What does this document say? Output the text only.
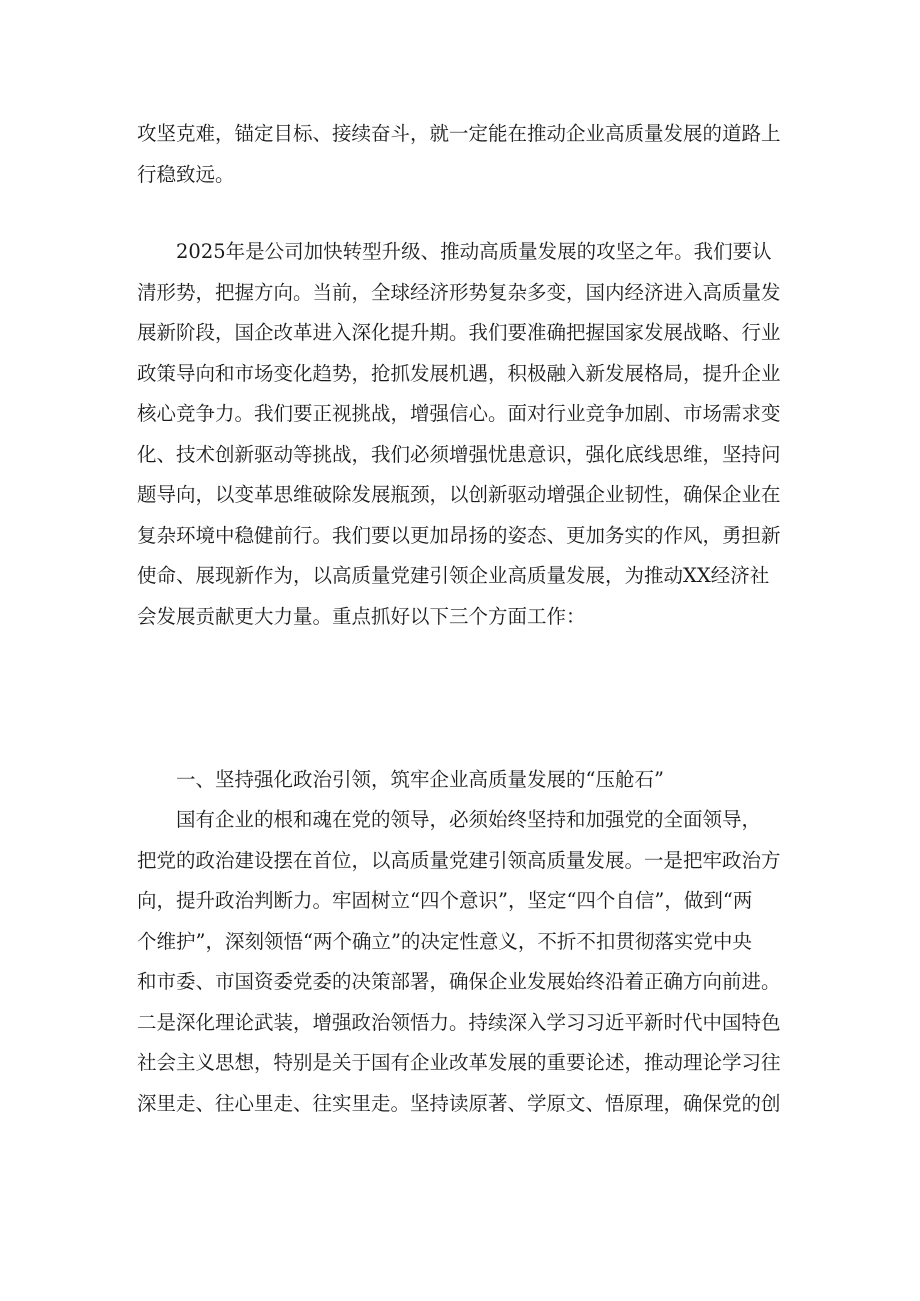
攻坚克难，锚定目标、接续奋斗，就一定能在推动企业高质量发展的道路上
行稳致远。
2025年是公司加快转型升级、推动高质量发展的攻坚之年。我们要认
清形势，把握方向。当前，全球经济形势复杂多变，国内经济进入高质量发
展新阶段，国企改革进入深化提升期。我们要准确把握国家发展战略、行业
政策导向和市场变化趋势，抢抓发展机遇，积极融入新发展格局，提升企业
核心竞争力。我们要正视挑战，增强信心。面对行业竞争加剧、市场需求变
化、技术创新驱动等挑战，我们必须增强忧患意识，强化底线思维，坚持问
题导向，以变革思维破除发展瓶颈，以创新驱动增强企业韧性，确保企业在
复杂环境中稳健前行。我们要以更加昂扬的姿态、更加务实的作风，勇担新
使命、展现新作为，以高质量党建引领企业高质量发展，为推动XX经济社
会发展贡献更大力量。重点抓好以下三个方面工作：
一、坚持强化政治引领，筑牢企业高质量发展的“压舱石”
国有企业的根和魂在党的领导，必须始终坚持和加强党的全面领导，
把党的政治建设摆在首位，以高质量党建引领高质量发展。一是把牢政治方
向，提升政治判断力。牢固树立“四个意识”，坚定“四个自信”，做到“两
个维护”，深刻领悟“两个确立”的决定性意义，不折不扣贯彻落实党中央
和市委、市国资委党委的决策部署，确保企业发展始终沿着正确方向前进。
二是深化理论武装，增强政治领悟力。持续深入学习习近平新时代中国特色
社会主义思想，特别是关于国有企业改革发展的重要论述，推动理论学习往
深里走、往心里走、往实里走。坚持读原著、学原文、悟原理，确保党的创
